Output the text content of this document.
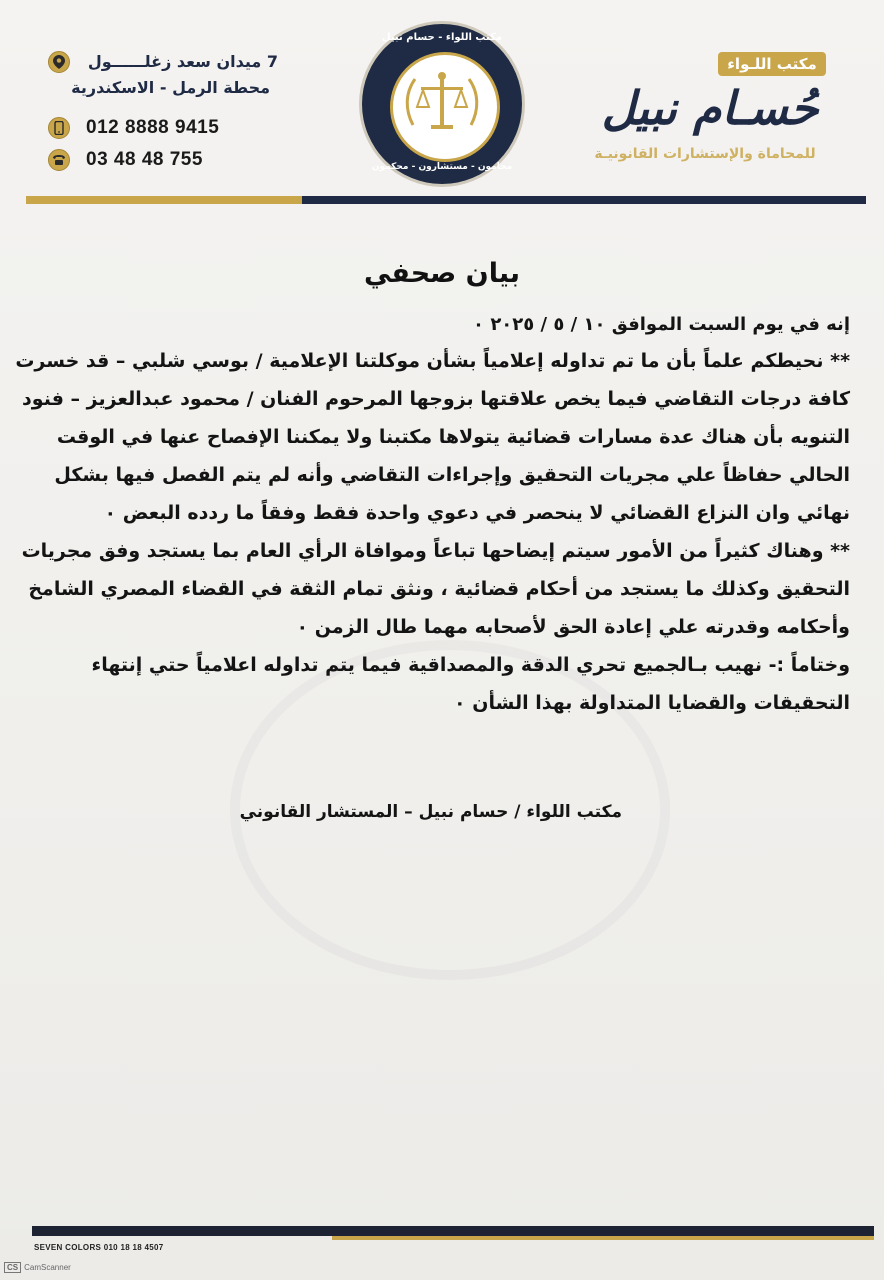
7 ميدان سعد زغلــــــول
محطة الرمل - الاسكندرية
012 8888 9415
03 48 48 755
مكتب اللواء - حسام نبيل
محامون - مستشارون - محكمون
مكتب اللـواء
حُسـام نبيل
للمحاماة والإستشارات القانونيـة
بيان صحفي
إنه في يوم السبت الموافق ١٠ / ٥ / ٢٠٢٥ ٠
** نحيطكم علماً بأن ما تم تداوله إعلامياً بشأن موكلتنا الإعلامية / بوسي شلبي – قد خسرت
كافة درجات التقاضي فيما يخص علاقتها بزوجها المرحوم الفنان / محمود عبدالعزيز – فنود
التنويه بأن هناك عدة مسارات قضائية يتولاها مكتبنا ولا يمكننا الإفصاح عنها في الوقت
الحالي حفاظاً علي مجريات التحقيق وإجراءات التقاضي وأنه لم يتم الفصل فيها بشكل
نهائي وان النزاع القضائي لا ينحصر في دعوي واحدة فقط وفقاً ما ردده البعض ٠
** وهناك كثيراً من الأمور سيتم إيضاحها تباعاً وموافاة الرأي العام بما يستجد وفق مجريات
التحقيق وكذلك ما يستجد من أحكام قضائية ، ونثق تمام الثقة في القضاء المصري الشامخ
وأحكامه وقدرته علي إعادة الحق لأصحابه مهما طال الزمن ٠
وختاماً :- نهيب بـالجميع تحري الدقة والمصداقية فيما يتم تداوله اعلامياً حتي إنتهاء
التحقيقات والقضايا المتداولة بهذا الشأن ٠
مكتب اللواء / حسام نبيل – المستشار القانوني
SEVEN COLORS 010 18 18 4507
CS CamScanner
